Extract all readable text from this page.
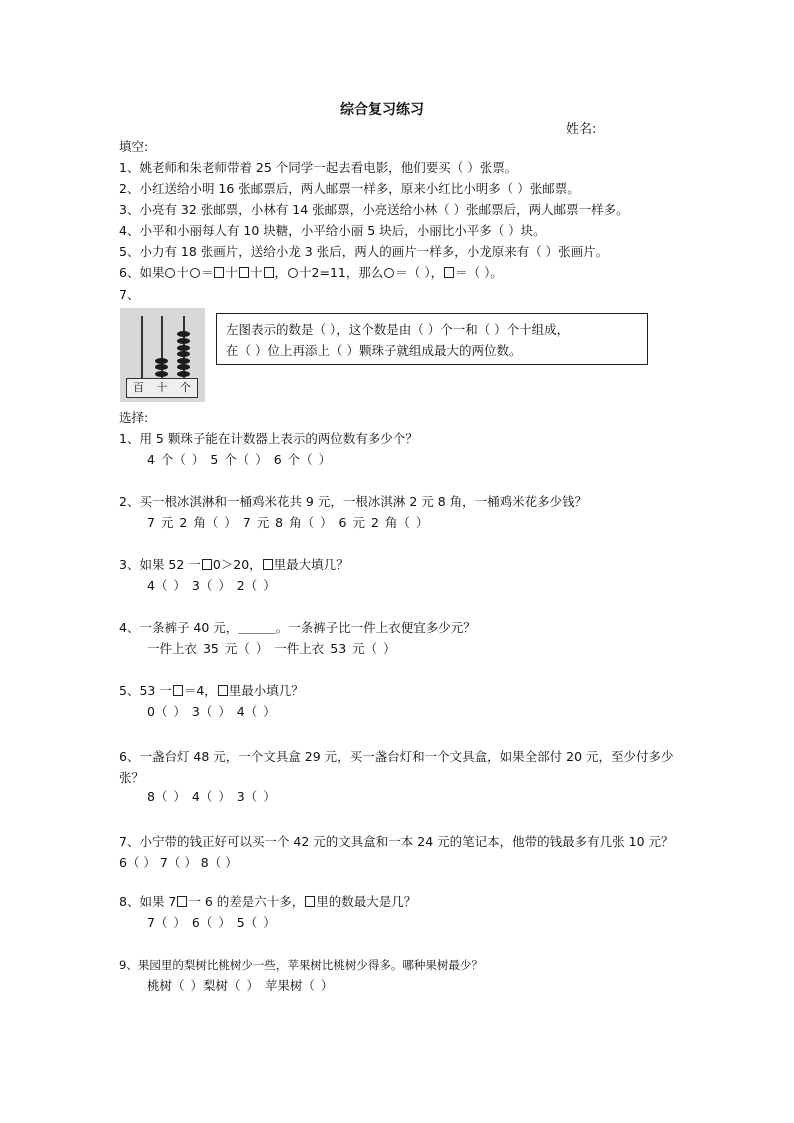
综合复习练习
姓名:
填空:
1、姚老师和朱老师带着 25 个同学一起去看电影，他们要买（ ）张票。
2、小红送给小明 16 张邮票后，两人邮票一样多，原来小红比小明多（ ）张邮票。
3、小亮有 32 张邮票，小林有 14 张邮票，小亮送给小林（ ）张邮票后，两人邮票一样多。
4、小平和小丽每人有 10 块糖，小平给小丽 5 块后，小丽比小平多（ ）块。
5、小力有 18 张画片，送给小龙 3 张后，两人的画片一样多，小龙原来有（ ）张画片。
6、如果 十 ＝ 十 十 ， 十2=11，那么 ＝（ ）， ＝（ ）。
7、
百 十 个
左图表示的数是（ ），这个数是由（ ）个一和（ ）个十组成，
在（ ）位上再添上（ ）颗珠子就组成最大的两位数。
选择:
1、用 5 颗珠子能在计数器上表示的两位数有多少个？
4 个（ ） 5 个（ ） 6 个（ ）
2、买一根冰淇淋和一桶鸡米花共 9 元，一根冰淇淋 2 元 8 角，一桶鸡米花多少钱？
7 元 2 角（ ） 7 元 8 角（ ） 6 元 2 角（ ）
3、如果 52 一 0＞20， 里最大填几？
4（ ） 3（ ） 2（ ）
4、一条裤子 40 元，＿＿＿。一条裤子比一件上衣便宜多少元？
一件上衣 35 元（ ） 一件上衣 53 元（ ）
5、53 一 ＝4， 里最小填几？
0（ ） 3（ ） 4（ ）
6、一盏台灯 48 元，一个文具盒 29 元，买一盏台灯和一个文具盒，如果全部付 20 元，至少付多少张？
8（ ） 4（ ） 3（ ）
7、小宁带的钱正好可以买一个 42 元的文具盒和一本 24 元的笔记本，他带的钱最多有几张 10 元？ 6（ ） 7（ ） 8（ ）
8、如果 7 一 6 的差是六十多， 里的数最大是几？
7（ ） 6（ ） 5（ ）
9、果园里的梨树比桃树少一些，苹果树比桃树少得多。哪种果树最少？
桃树（ ）梨树（ ） 苹果树（ ）
